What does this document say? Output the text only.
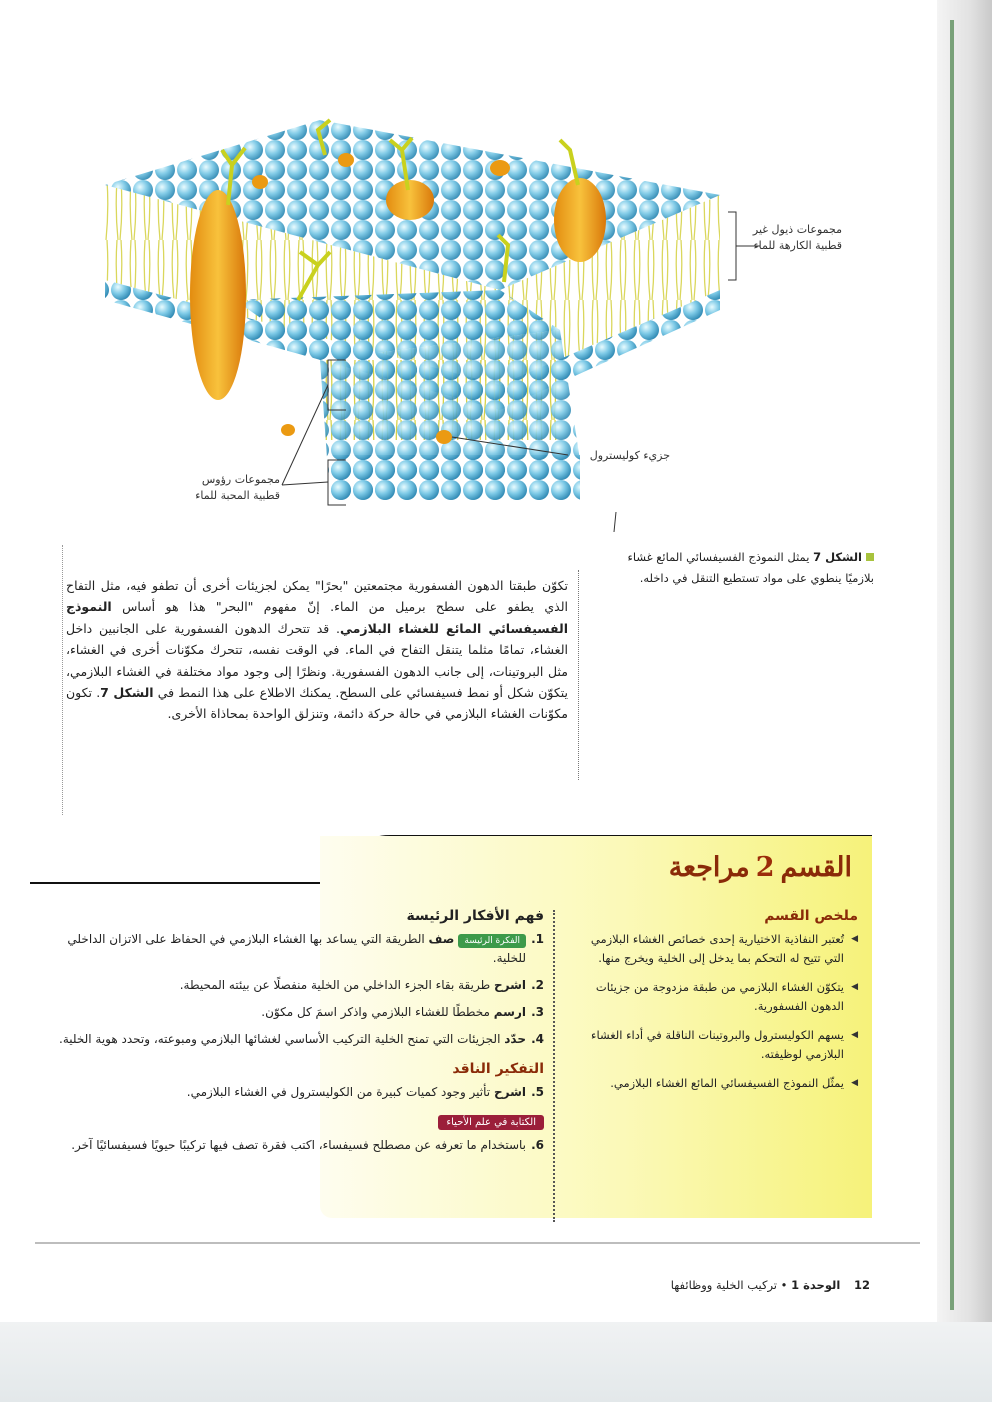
مجموعات ذيول غير قطبية الكارهة للماء
مجموعات رؤوس قطبية المحبة للماء
جزيء كوليسترول
الشكل 7 يمثل النموذج الفسيفسائي المائع غشاء بلازميًا ينطوي على مواد تستطيع التنقل في داخله.
تكوّن طبقتا الدهون الفسفورية مجتمعتين "بحرًا" يمكن لجزيئات أخرى أن تطفو فيه، مثل التفاح الذي يطفو على سطح برميل من الماء. إنّ مفهوم "البحر" هذا هو أساس النموذج الفسيفسائي المائع للغشاء البلازمي. قد تتحرك الدهون الفسفورية على الجانبين داخل الغشاء، تمامًا مثلما يتنقل التفاح في الماء. في الوقت نفسه، تتحرك مكوّنات أخرى في الغشاء، مثل البروتينات، إلى جانب الدهون الفسفورية. ونظرًا إلى وجود مواد مختلفة في الغشاء البلازمي، يتكوّن شكل أو نمط فسيفسائي على السطح. يمكنك الاطلاع على هذا النمط في الشكل 7. تكون مكوّنات الغشاء البلازمي في حالة حركة دائمة، وتنزلق الواحدة بمحاذاة الأخرى.
القسم2مراجعة
ملخص القسم
◀ تُعتبر النفاذية الاختيارية إحدى خصائص الغشاء البلازمي التي تتيح له التحكم بما يدخل إلى الخلية ويخرج منها.
◀ يتكوّن الغشاء البلازمي من طبقة مزدوجة من جزيئات الدهون الفسفورية.
◀ يسهم الكوليسترول والبروتينات الناقلة في أداء الغشاء البلازمي لوظيفته.
◀ يمثّل النموذج الفسيفسائي المائع الغشاء البلازمي.
فهم الأفكار الرئيسة
1.
الفكرة الرئيسةصف الطريقة التي يساعد بها الغشاء البلازمي في الحفاظ على الاتزان الداخلي للخلية.
2.
اشرح طريقة بقاء الجزء الداخلي من الخلية منفصلًا عن بيئته المحيطة.
3.
ارسم مخططًا للغشاء البلازمي واذكر اسمَ كل مكوّن.
4.
حدّد الجزيئات التي تمنح الخلية التركيب الأساسي لغشائها البلازمي ومبوعته، وتحدد هوية الخلية.
التفكير الناقد
5.
اشرح تأثير وجود كميات كبيرة من الكوليسترول في الغشاء البلازمي.
الكتابة في علم الأحياء
6.
باستخدام ما تعرفه عن مصطلح فسيفساء، اكتب فقرة تصف فيها تركيبًا حيويًا فسيفسائيًا آخر.
12 الوحدة 1 • تركيب الخلية ووظائفها
